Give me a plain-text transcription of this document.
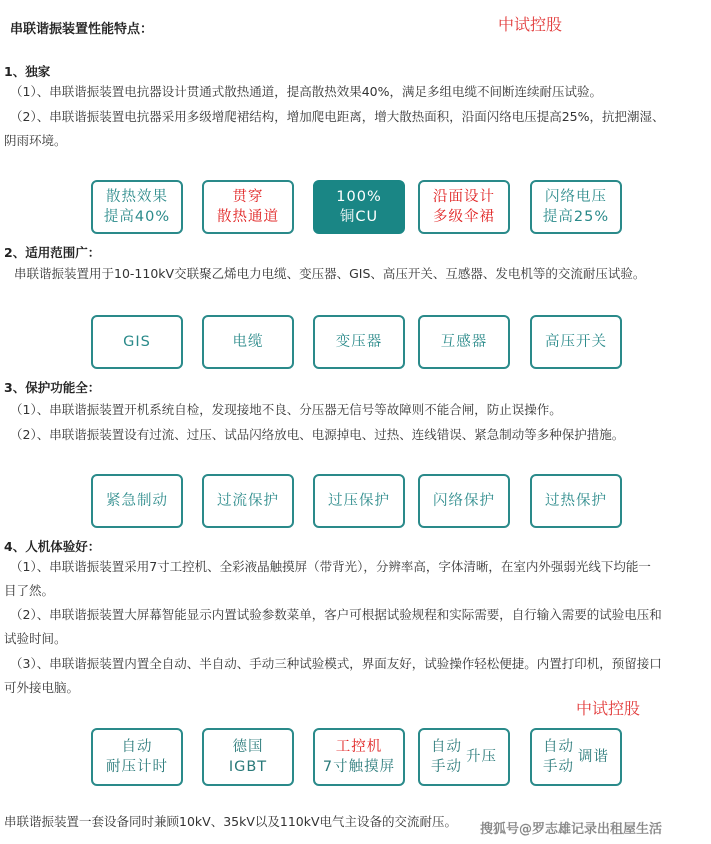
串联谐振装置性能特点：	中试控股
1、独家
（1）、串联谐振装置电抗器设计贯通式散热通道，提高散热效果40%，满足多组电缆不间断连续耐压试验。
（2）、串联谐振装置电抗器采用多级增爬裙结构，增加爬电距离，增大散热面积，沿面闪络电压提高25%，抗把潮湿、
阴雨环境。
散热效果
提高40%
贯穿
散热通道
100%
铜CU
沿面设计
多级伞裙
闪络电压
提高25%
2、适用范围广：
串联谐振装置用于10-110kV交联聚乙烯电力电缆、变压器、GIS、高压开关、互感器、发电机等的交流耐压试验。
GIS	电缆	变压器	互感器	高压开关
3、保护功能全：
（1）、串联谐振装置开机系统自检，发现接地不良、分压器无信号等故障则不能合闸，防止误操作。
（2）、串联谐振装置设有过流、过压、试品闪络放电、电源掉电、过热、连线错误、紧急制动等多种保护措施。
紧急制动	过流保护	过压保护	闪络保护	过热保护
4、人机体验好：
（1）、串联谐振装置采用7寸工控机、全彩液晶触摸屏（带背光），分辨率高，字体清晰，在室内外强弱光线下均能一
目了然。
（2）、串联谐振装置大屏幕智能显示内置试验参数菜单，客户可根据试验规程和实际需要，自行输入需要的试验电压和
试验时间。
（3）、串联谐振装置内置全自动、半自动、手动三种试验模式，界面友好，试验操作轻松便捷。内置打印机，预留接口
可外接电脑。
中试控股
自动
耐压计时
德国
IGBT
工控机
7寸触摸屏
自动
手动
升压
自动
手动
调谐
串联谐振装置一套设备同时兼顾10kV、35kV以及110kV电气主设备的交流耐压。
搜狐号@罗志雄记录出租屋生活
